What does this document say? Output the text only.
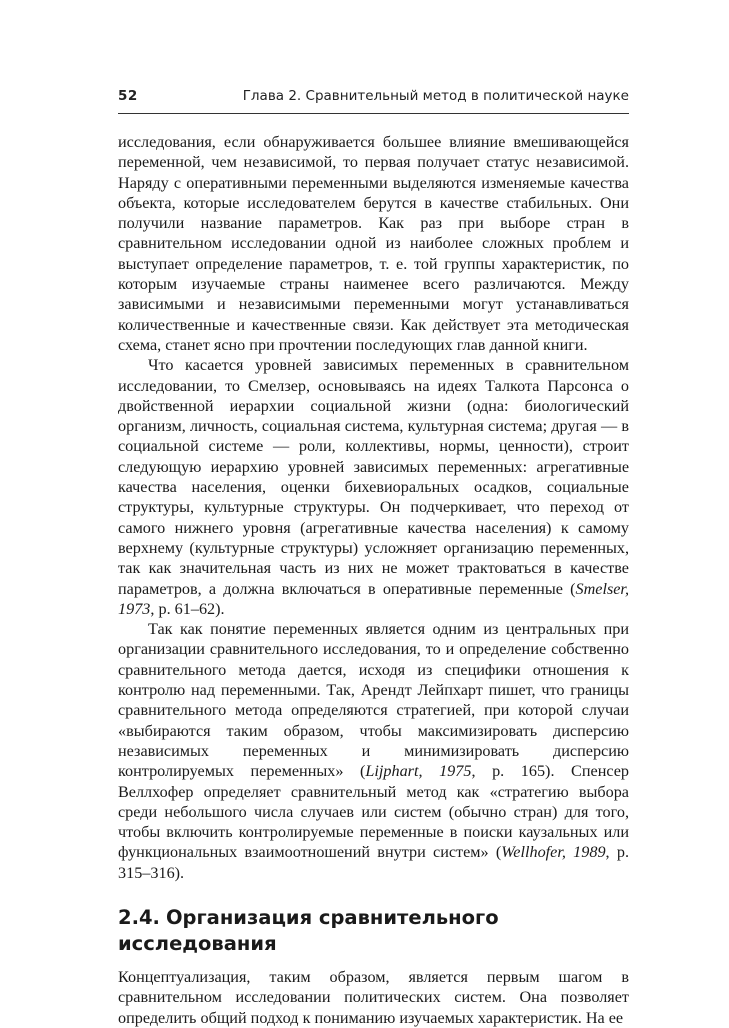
52	Глава 2. Сравнительный метод в политической науке

исследования, если обнаруживается большее влияние вмешивающейся переменной, чем независимой, то первая получает статус независимой. Наряду с оперативными переменными выделяются изменяемые качества объекта, которые исследователем берутся в качестве стабильных. Они получили название параметров. Как раз при выборе стран в сравнительном исследовании одной из наиболее сложных проблем и выступает определение параметров, т. е. той группы характеристик, по которым изучаемые страны наименее всего различаются. Между зависимыми и независимыми переменными могут устанавливаться количественные и качественные связи. Как действует эта методическая схема, станет ясно при прочтении последующих глав данной книги.

Что касается уровней зависимых переменных в сравнительном исследовании, то Смелзер, основываясь на идеях Талкота Парсонса о двойственной иерархии социальной жизни (одна: биологический организм, личность, социальная система, культурная система; другая — в социальной системе — роли, коллективы, нормы, ценности), строит следующую иерархию уровней зависимых переменных: агрегативные качества населения, оценки бихевиоральных осадков, социальные структуры, культурные структуры. Он подчеркивает, что переход от самого нижнего уровня (агрегативные качества населения) к самому верхнему (культурные структуры) усложняет организацию переменных, так как значительная часть из них не может трактоваться в качестве параметров, а должна включаться в оперативные переменные (Smelser, 1973, p. 61–62).

Так как понятие переменных является одним из центральных при организации сравнительного исследования, то и определение собственно сравнительного метода дается, исходя из специфики отношения к контролю над переменными. Так, Арендт Лейпхарт пишет, что границы сравнительного метода определяются стратегией, при которой случаи «выбираются таким образом, чтобы максимизировать дисперсию независимых переменных и минимизировать дисперсию контролируемых переменных» (Lijphart, 1975, p. 165). Спенсер Веллхофер определяет сравнительный метод как «стратегию выбора среди небольшого числа случаев или систем (обычно стран) для того, чтобы включить контролируемые переменные в поиски каузальных или функциональных взаимоотношений внутри систем» (Wellhofer, 1989, p. 315–316).

2.4. Организация сравнительного исследования

Концептуализация, таким образом, является первым шагом в сравнительном исследовании политических систем. Она позволяет определить общий подход к пониманию изучаемых характеристик. На ее
